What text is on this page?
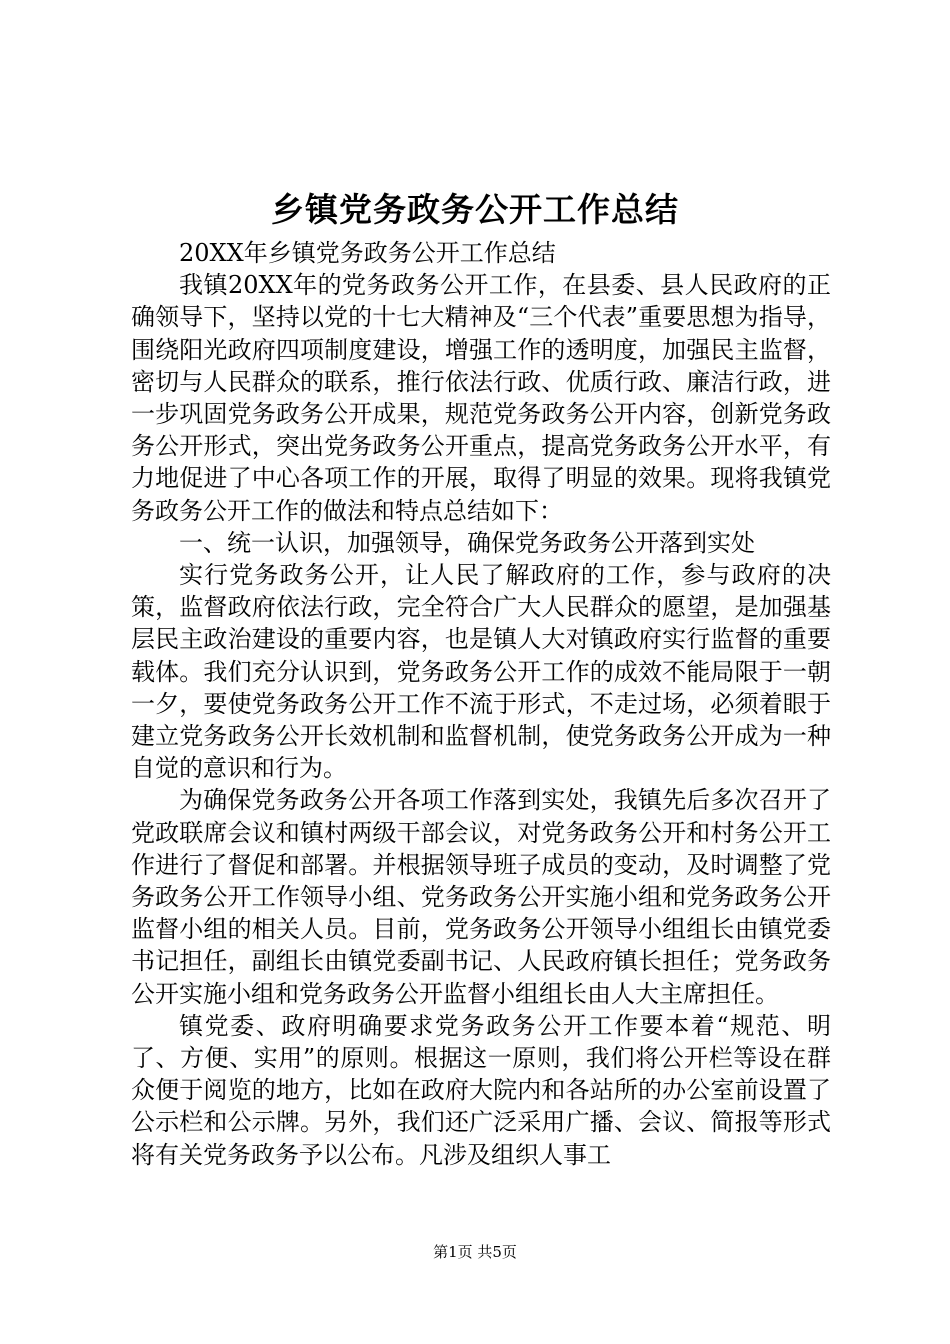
乡镇党务政务公开工作总结

20XX年乡镇党务政务公开工作总结

我镇20XX年的党务政务公开工作，在县委、县人民政府的正确领导下，坚持以党的十七大精神及“三个代表”重要思想为指导，围绕阳光政府四项制度建设，增强工作的透明度，加强民主监督，密切与人民群众的联系，推行依法行政、优质行政、廉洁行政，进一步巩固党务政务公开成果，规范党务政务公开内容，创新党务政务公开形式，突出党务政务公开重点，提高党务政务公开水平，有力地促进了中心各项工作的开展，取得了明显的效果。现将我镇党务政务公开工作的做法和特点总结如下：

一、统一认识，加强领导，确保党务政务公开落到实处

实行党务政务公开，让人民了解政府的工作，参与政府的决策，监督政府依法行政，完全符合广大人民群众的愿望，是加强基层民主政治建设的重要内容，也是镇人大对镇政府实行监督的重要载体。我们充分认识到，党务政务公开工作的成效不能局限于一朝一夕，要使党务政务公开工作不流于形式，不走过场，必须着眼于建立党务政务公开长效机制和监督机制，使党务政务公开成为一种自觉的意识和行为。

为确保党务政务公开各项工作落到实处，我镇先后多次召开了党政联席会议和镇村两级干部会议，对党务政务公开和村务公开工作进行了督促和部署。并根据领导班子成员的变动，及时调整了党务政务公开工作领导小组、党务政务公开实施小组和党务政务公开监督小组的相关人员。目前，党务政务公开领导小组组长由镇党委书记担任，副组长由镇党委副书记、人民政府镇长担任；党务政务公开实施小组和党务政务公开监督小组组长由人大主席担任。

镇党委、政府明确要求党务政务公开工作要本着“规范、明了、方便、实用”的原则。根据这一原则，我们将公开栏等设在群众便于阅览的地方，比如在政府大院内和各站所的办公室前设置了公示栏和公示牌。另外，我们还广泛采用广播、会议、简报等形式将有关党务政务予以公布。凡涉及组织人事工

第1页 共5页
